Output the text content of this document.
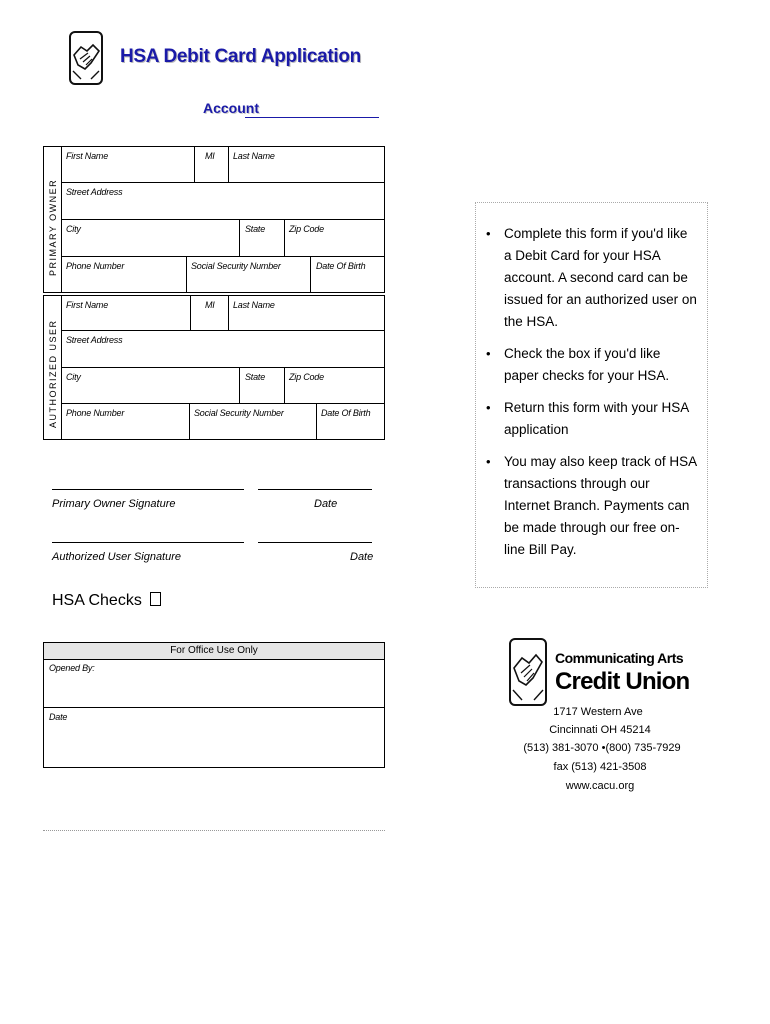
HSA Debit Card Application
Account
PRIMARY OWNER
First Name	MI Last Name
Street Address
City	State	Zip Code
Phone Number	Social Security Number	Date Of Birth
AUTHORIZED USER
First Name	MI Last Name
Street Address
City	State	Zip Code
Phone Number	Social Security Number	Date Of Birth
Primary Owner Signature	Date
Authorized User Signature	Date
HSA Checks
For Office Use Only
Opened By:
Date
• Complete this form if you'd like a Debit Card for your HSA account. A second card can be issued for an authorized user on the HSA.
• Check the box if you'd like paper checks for your HSA.
• Return this form with your HSA application
• You may also keep track of HSA transactions through our Internet Branch. Payments can be made through our free on-line Bill Pay.
Communicating Arts
Credit Union
1717 Western Ave
Cincinnati OH 45214
(513) 381-3070 •(800) 735-7929
fax (513) 421-3508
www.cacu.org
